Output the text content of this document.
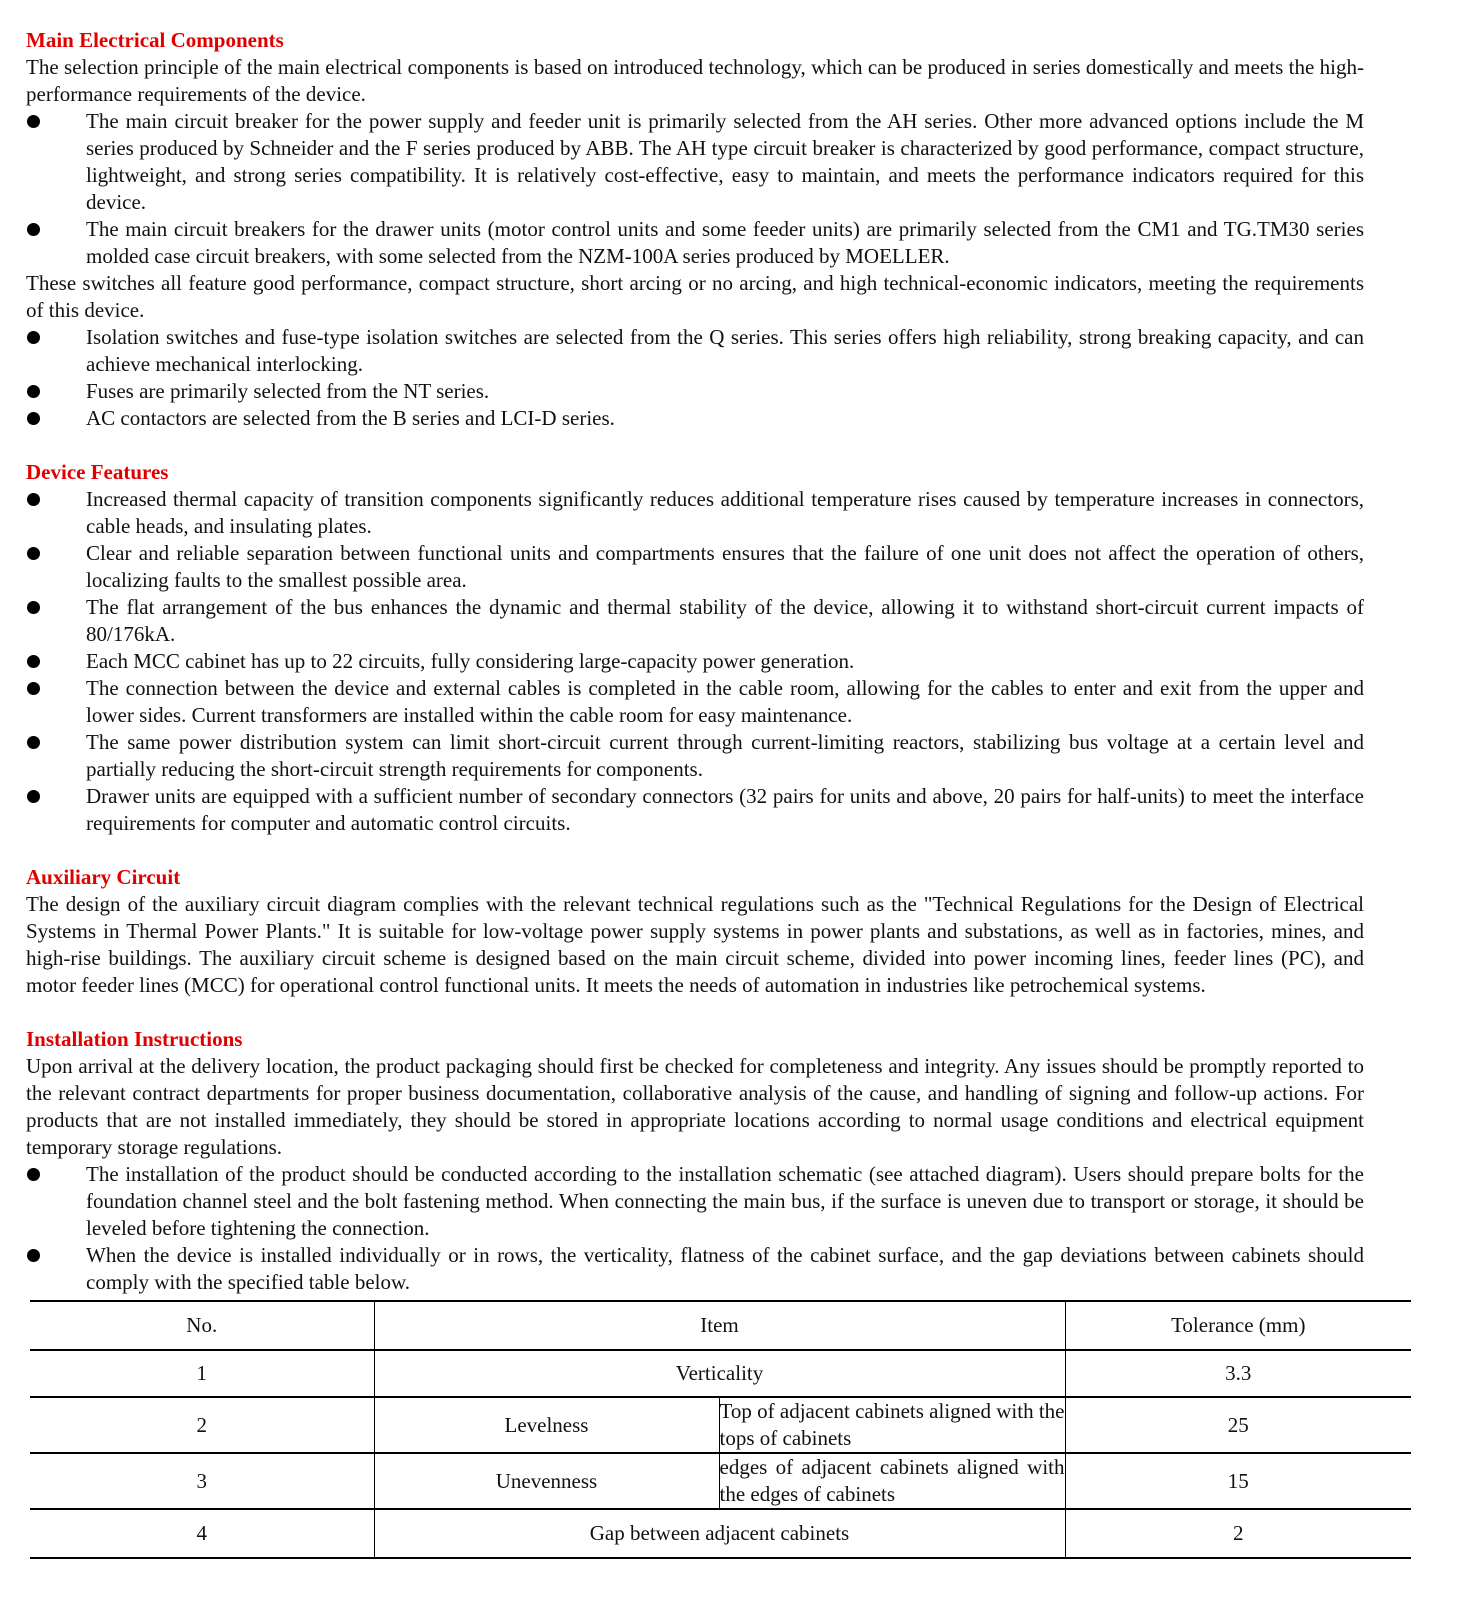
Main Electrical Components

The selection principle of the main electrical components is based on introduced technology, which can be produced in series domestically and meets the high-performance requirements of the device.

The main circuit breaker for the power supply and feeder unit is primarily selected from the AH series. Other more advanced options include the M series produced by Schneider and the F series produced by ABB. The AH type circuit breaker is characterized by good performance, compact structure, lightweight, and strong series compatibility. It is relatively cost-effective, easy to maintain, and meets the performance indicators required for this device.
The main circuit breakers for the drawer units (motor control units and some feeder units) are primarily selected from the CM1 and TG.TM30 series molded case circuit breakers, with some selected from the NZM-100A series produced by MOELLER.

These switches all feature good performance, compact structure, short arcing or no arcing, and high technical-economic indicators, meeting the requirements of this device.

Isolation switches and fuse-type isolation switches are selected from the Q series. This series offers high reliability, strong breaking capacity, and can achieve mechanical interlocking.
Fuses are primarily selected from the NT series.
AC contactors are selected from the B series and LCI-D series.
Device Features
Increased thermal capacity of transition components significantly reduces additional temperature rises caused by temperature increases in connectors, cable heads, and insulating plates.
Clear and reliable separation between functional units and compartments ensures that the failure of one unit does not affect the operation of others, localizing faults to the smallest possible area.
The flat arrangement of the bus enhances the dynamic and thermal stability of the device, allowing it to withstand short-circuit current impacts of 80/176kA.
Each MCC cabinet has up to 22 circuits, fully considering large-capacity power generation.
The connection between the device and external cables is completed in the cable room, allowing for the cables to enter and exit from the upper and lower sides. Current transformers are installed within the cable room for easy maintenance.
The same power distribution system can limit short-circuit current through current-limiting reactors, stabilizing bus voltage at a certain level and partially reducing the short-circuit strength requirements for components.
Drawer units are equipped with a sufficient number of secondary connectors (32 pairs for units and above, 20 pairs for half-units) to meet the interface requirements for computer and automatic control circuits.
Auxiliary Circuit

The design of the auxiliary circuit diagram complies with the relevant technical regulations such as the "Technical Regulations for the Design of Electrical Systems in Thermal Power Plants." It is suitable for low-voltage power supply systems in power plants and substations, as well as in factories, mines, and high-rise buildings. The auxiliary circuit scheme is designed based on the main circuit scheme, divided into power incoming lines, feeder lines (PC), and motor feeder lines (MCC) for operational control functional units. It meets the needs of automation in industries like petrochemical systems.

Installation Instructions

Upon arrival at the delivery location, the product packaging should first be checked for completeness and integrity. Any issues should be promptly reported to the relevant contract departments for proper business documentation, collaborative analysis of the cause, and handling of signing and follow-up actions. For products that are not installed immediately, they should be stored in appropriate locations according to normal usage conditions and electrical equipment temporary storage regulations.

The installation of the product should be conducted according to the installation schematic (see attached diagram). Users should prepare bolts for the foundation channel steel and the bolt fastening method. When connecting the main bus, if the surface is uneven due to transport or storage, it should be leveled before tightening the connection.
When the device is installed individually or in rows, the verticality, flatness of the cabinet surface, and the gap deviations between cabinets should comply with the specified table below.
No.	Item		Tolerance (mm)
1	Verticality		3.3
2	Levelness	Top of adjacent cabinets aligned with the tops of cabinets	25
3	Unevenness	edges of adjacent cabinets aligned with the edges of cabinets	15
4	Gap between adjacent cabinets		2
